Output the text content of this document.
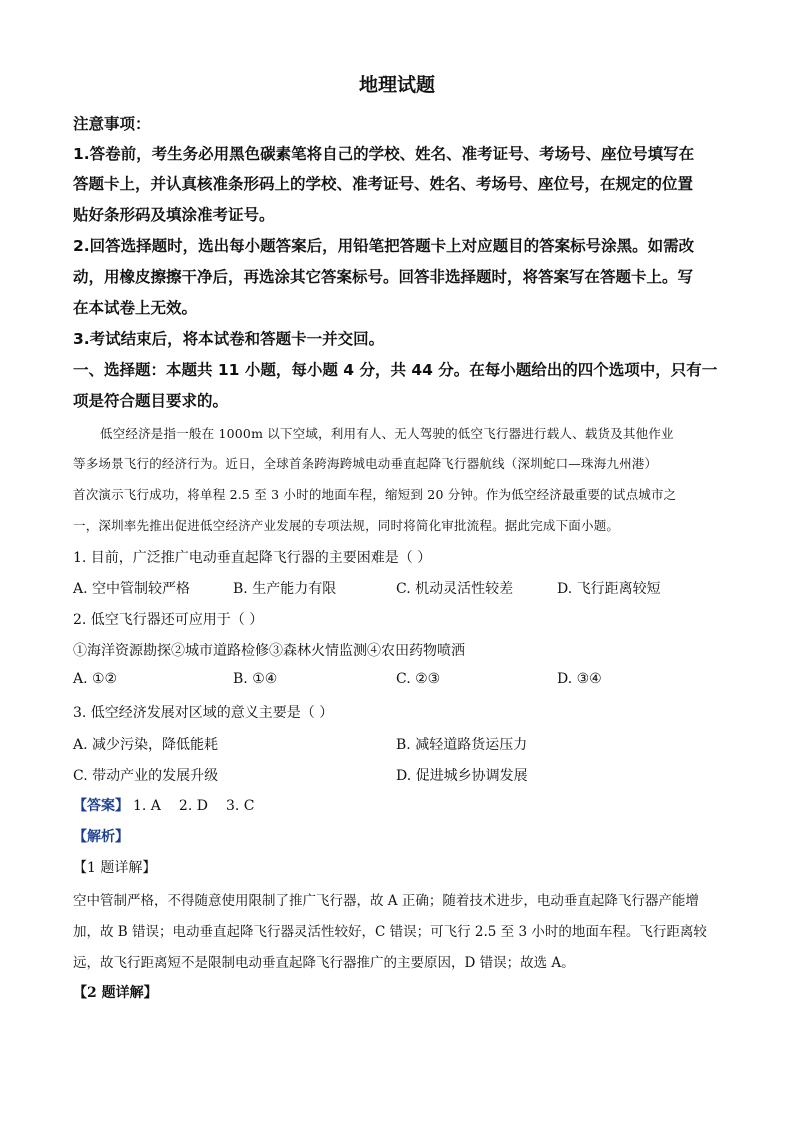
地理试题
注意事项：
1.答卷前，考生务必用黑色碳素笔将自己的学校、姓名、准考证号、考场号、座位号填写在
答题卡上，并认真核准条形码上的学校、准考证号、姓名、考场号、座位号，在规定的位置
贴好条形码及填涂准考证号。
2.回答选择题时，选出每小题答案后，用铅笔把答题卡上对应题目的答案标号涂黑。如需改
动，用橡皮擦擦干净后，再选涂其它答案标号。回答非选择题时，将答案写在答题卡上。写
在本试卷上无效。
3.考试结束后，将本试卷和答题卡一并交回。
一、选择题：本题共 11 小题，每小题 4 分，共 44 分。在每小题给出的四个选项中，只有一
项是符合题目要求的。
低空经济是指一般在 1000m 以下空域，利用有人、无人驾驶的低空飞行器进行载人、载货及其他作业
等多场景飞行的经济行为。近日，全球首条跨海跨城电动垂直起降飞行器航线（深圳蛇口—珠海九州港）
首次演示飞行成功，将单程 2.5 至 3 小时的地面车程，缩短到 20 分钟。作为低空经济最重要的试点城市之
一，深圳率先推出促进低空经济产业发展的专项法规，同时将简化审批流程。据此完成下面小题。
1. 目前，广泛推广电动垂直起降飞行器的主要困难是（ ）
A. 空中管制较严格	B. 生产能力有限	C. 机动灵活性较差	D. 飞行距离较短
2. 低空飞行器还可应用于（ ）
①海洋资源勘探②城市道路检修③森林火情监测④农田药物喷洒
A. ①②	B. ①④	C. ②③	D. ③④
3. 低空经济发展对区域的意义主要是（ ）
A. 减少污染，降低能耗	B. 减轻道路货运压力
C. 带动产业的发展升级	D. 促进城乡协调发展
【答案】 1. A 2. D 3. C
【解析】
【1 题详解】
空中管制严格，不得随意使用限制了推广飞行器，故 A 正确；随着技术进步，电动垂直起降飞行器产能增
加，故 B 错误；电动垂直起降飞行器灵活性较好，C 错误；可飞行 2.5 至 3 小时的地面车程。飞行距离较
远，故飞行距离短不是限制电动垂直起降飞行器推广的主要原因，D 错误；故选 A。
【2 题详解】
